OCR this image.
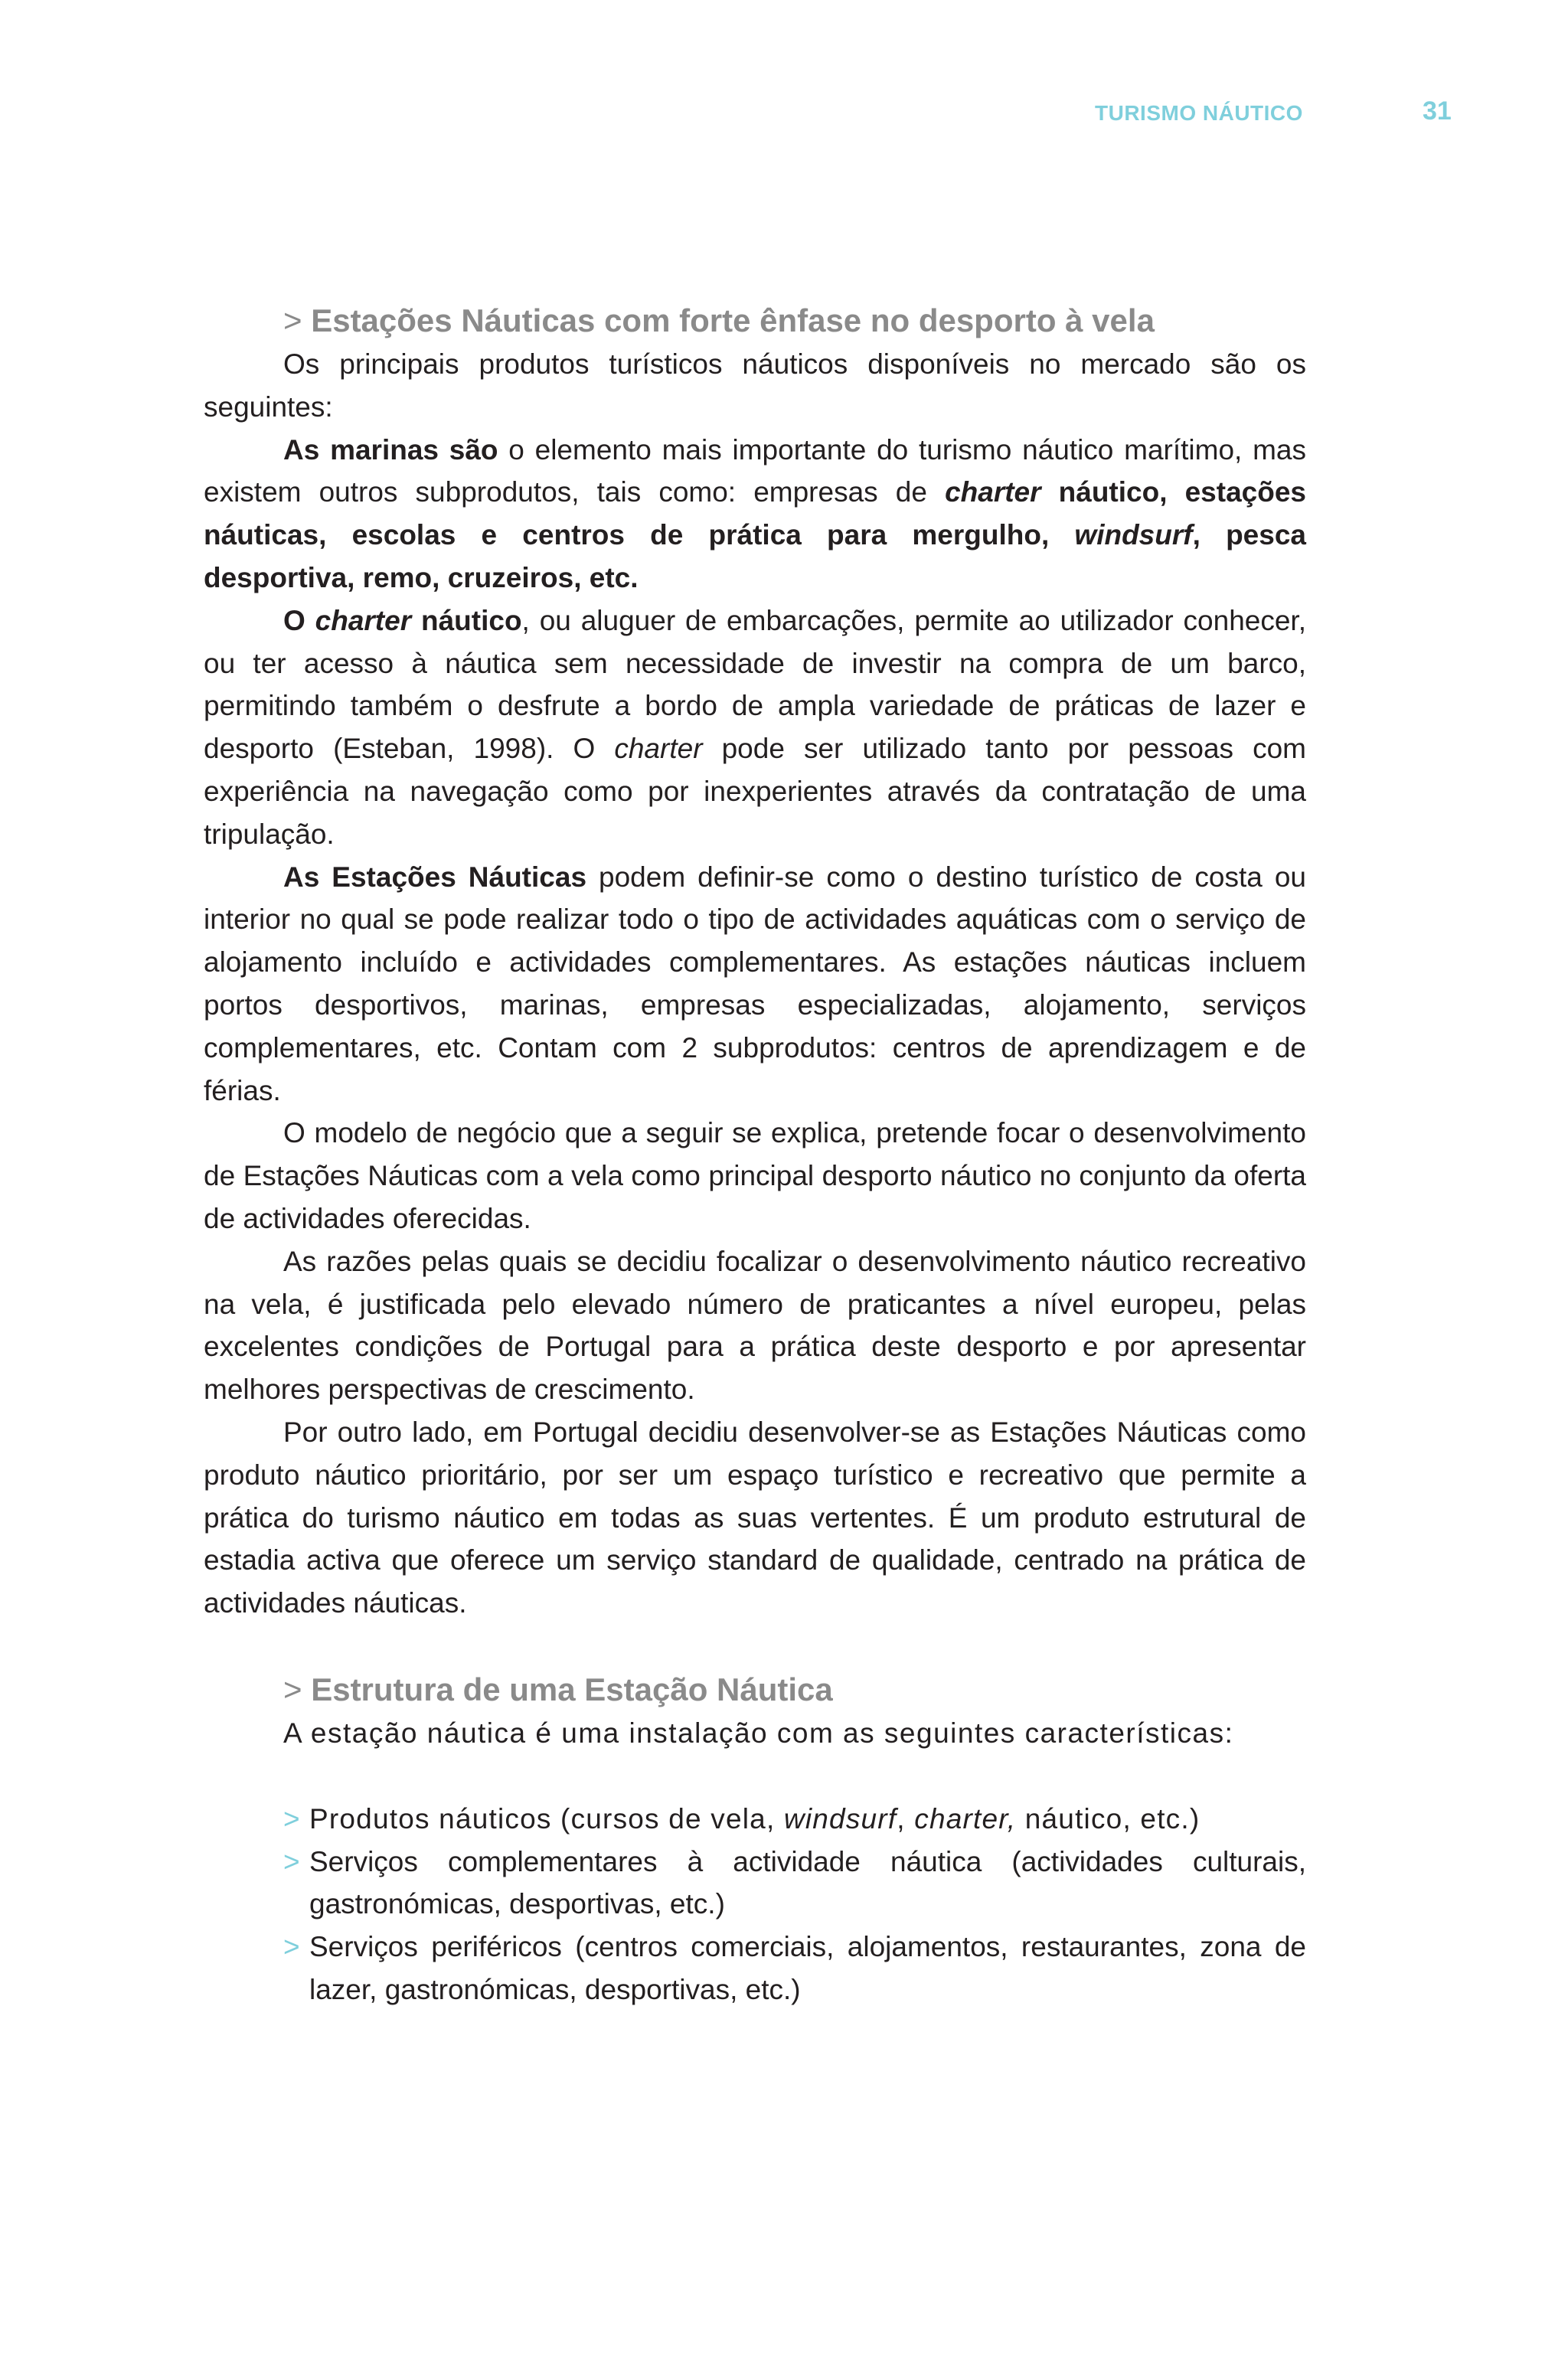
TURISMO NÁUTICO	31
> Estações Náuticas com forte ênfase no desporto à vela

Os principais produtos turísticos náuticos disponíveis no mercado são os seguintes:

As marinas são o elemento mais importante do turismo náutico marítimo, mas existem outros subprodutos, tais como: empresas de charter náutico, estações náuticas, escolas e centros de prática para mergulho, windsurf, pesca desportiva, remo, cruzeiros, etc.

O charter náutico, ou aluguer de embarcações, permite ao utilizador conhecer, ou ter acesso à náutica sem necessidade de investir na compra de um barco, permitindo também o desfrute a bordo de ampla variedade de práticas de lazer e desporto (Esteban, 1998). O charter pode ser utilizado tanto por pessoas com experiência na navegação como por inexperientes através da contratação de uma tripulação.

As Estações Náuticas podem definir-se como o destino turístico de costa ou interior no qual se pode realizar todo o tipo de actividades aquáticas com o serviço de alojamento incluído e actividades complementares. As estações náuticas incluem portos desportivos, marinas, empresas especializadas, alojamento, serviços complementares, etc. Contam com 2 subprodutos: centros de aprendizagem e de férias.

O modelo de negócio que a seguir se explica, pretende focar o desenvolvimento de Estações Náuticas com a vela como principal desporto náutico no conjunto da oferta de actividades oferecidas.

As razões pelas quais se decidiu focalizar o desenvolvimento náutico recreativo na vela, é justificada pelo elevado número de praticantes a nível europeu, pelas excelentes condições de Portugal para a prática deste desporto e por apresentar melhores perspectivas de crescimento.

Por outro lado, em Portugal decidiu desenvolver-se as Estações Náuticas como produto náutico prioritário, por ser um espaço turístico e recreativo que permite a prática do turismo náutico em todas as suas vertentes. É um produto estrutural de estadia activa que oferece um serviço standard de qualidade, centrado na prática de actividades náuticas.

> Estrutura de uma Estação Náutica
A estação náutica é uma instalação com as seguintes características:
> Produtos náuticos (cursos de vela, windsurf, charter, náutico, etc.)
> Serviços complementares à actividade náutica (actividades culturais, gastronómicas, desportivas, etc.)
> Serviços periféricos (centros comerciais, alojamentos, restaurantes, zona de lazer, gastronómicas, desportivas, etc.)
